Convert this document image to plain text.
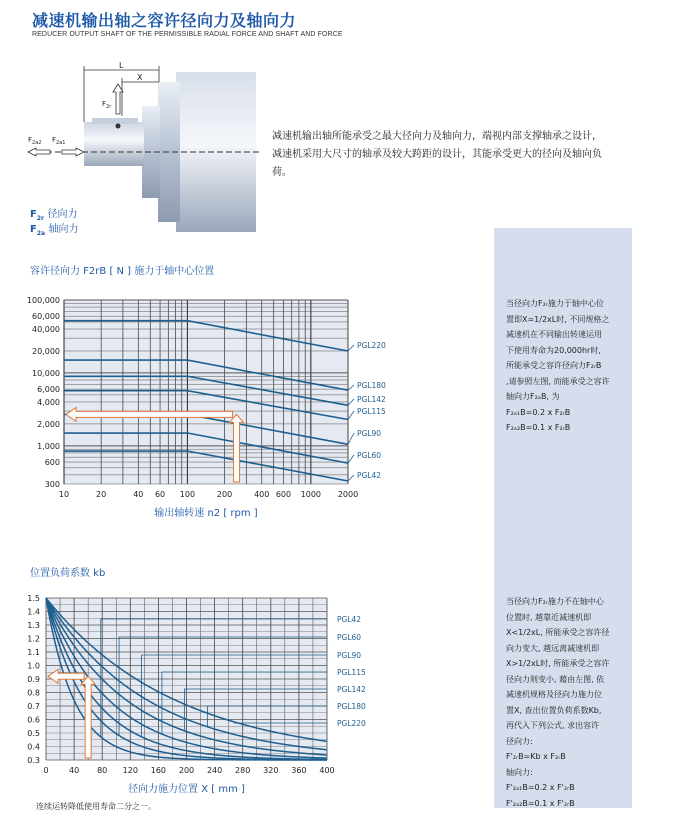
减速机输出轴之容许径向力及轴向力
REDUCER OUTPUT SHAFT OF THE PERMISSIBLE RADIAL FORCE AND SHAFT AND FORCE
L
X
$F_{2r}$
$F_{2a2}$ $F_{2a1}$
$F_{2r}$ 径向力
$F_{2a}$ 轴向力
减速机输出轴所能承受之最大径向力及轴向力，端视内部支撑轴承之设计，减速机采用大尺寸的轴承及较大跨距的设计，其能承受更大的径向及轴向负荷。
当径向力F₂ᵣ施力于轴中心位
置即X=1/2xL时, 不同规格之
减速机在不同输出转速运用
下使用寿命为20,000hr时,
所能承受之容许径向力F₂ᵣB
,请参照左图, 而能承受之容许
轴向力F₂ₐB, 为
F₂ₐ₁B=0.2 x F₂ᵣB
F₂ₐ₂B=0.1 x F₂ᵣB
当径向力F₂ᵣ施力不在轴中心
位置时, 越靠近减速机即
X<1/2xL, 所能承受之容许径
向力变大, 越远离减速机即
X>1/2xL时, 所能承受之容许
径向力则变小, 藉由左图, 依
减速机规格及径向力施力位
置X, 查出位置负荷系数Kb,
再代入下列公式, 求出容许
径向力:
F'₂ᵣB=Kb x F₂ᵣB
轴向力:
F'₂ₐ₁B=0.2 x F'₂ᵣB
F'₂ₐ₂B=0.1 x F'₂ᵣB
容许径向力 F2rB [ N ] 施力于轴中心位置
10	20	40 60 100	200	400 600 1000 2000
100,000
60,000
40,000
20,000
10,000
6,000
4,000
2,000
1,000
600
300
输出轴转速 n2 [ rpm ]
PGL220
PGL180
PGL142
PGL115
PGL90
PGL60
PGL42
位置负荷系数 kb
0	40 80 120 160 200 240 280 320 360 400
1.5
1.4
1.3
1.2
1.1
1.0
0.9
0.8
0.7
0.6
0.5
0.4
0.3
径向力施力位置 X [ mm ]
PGL42
PGL60
PGL90
PGL115
PGL142
PGL180
PGL220
连续运转降低使用寿命二分之一。
